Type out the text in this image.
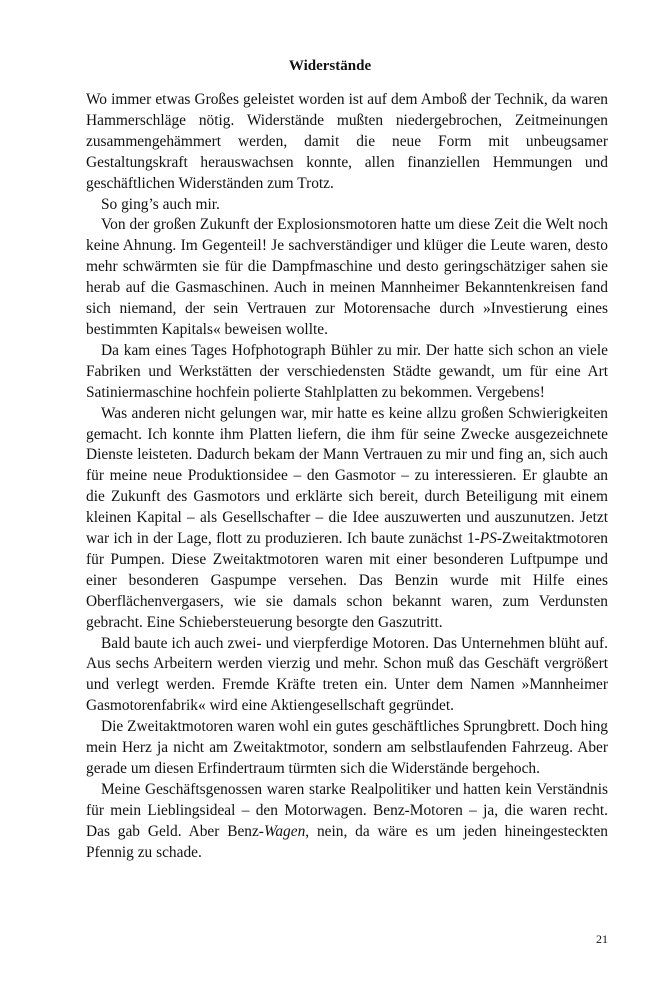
Widerstände

Wo immer etwas Großes geleistet worden ist auf dem Amboß der Technik, da waren Hammerschläge nötig. Widerstände mußten niedergebrochen, Zeitmeinungen zusammengehämmert werden, damit die neue Form mit unbeugsamer Gestaltungskraft herauswachsen konnte, allen finanziellen Hemmungen und geschäftlichen Widerständen zum Trotz.

So ging’s auch mir.

Von der großen Zukunft der Explosionsmotoren hatte um diese Zeit die Welt noch keine Ahnung. Im Gegenteil! Je sachverständiger und klüger die Leute waren, desto mehr schwärmten sie für die Dampfmaschine und desto geringschätziger sahen sie herab auf die Gasmaschinen. Auch in meinen Mannheimer Bekanntenkreisen fand sich niemand, der sein Vertrauen zur Motorensache durch »Investierung eines bestimmten Kapitals« beweisen wollte.

Da kam eines Tages Hofphotograph Bühler zu mir. Der hatte sich schon an viele Fabriken und Werkstätten der verschiedensten Städte gewandt, um für eine Art Satiniermaschine hochfein polierte Stahlplatten zu bekommen. Vergebens!

Was anderen nicht gelungen war, mir hatte es keine allzu großen Schwierigkeiten gemacht. Ich konnte ihm Platten liefern, die ihm für seine Zwecke ausgezeichnete Dienste leisteten. Dadurch bekam der Mann Vertrauen zu mir und fing an, sich auch für meine neue Produktionsidee – den Gasmotor – zu interessieren. Er glaubte an die Zukunft des Gasmotors und erklärte sich bereit, durch Beteiligung mit einem kleinen Kapital – als Gesellschafter – die Idee auszuwerten und auszunutzen. Jetzt war ich in der Lage, flott zu produzieren. Ich baute zunächst 1-PS-Zweitaktmotoren für Pumpen. Diese Zweitaktmotoren waren mit einer besonderen Luftpumpe und einer besonderen Gaspumpe versehen. Das Benzin wurde mit Hilfe eines Oberflächenvergasers, wie sie damals schon bekannt waren, zum Verdunsten gebracht. Eine Schiebersteuerung besorgte den Gaszutritt.

Bald baute ich auch zwei- und vierpferdige Motoren. Das Unternehmen blüht auf. Aus sechs Arbeitern werden vierzig und mehr. Schon muß das Geschäft vergrößert und verlegt werden. Fremde Kräfte treten ein. Unter dem Namen »Mannheimer Gasmotorenfabrik« wird eine Aktiengesellschaft gegründet.

Die Zweitaktmotoren waren wohl ein gutes geschäftliches Sprungbrett. Doch hing mein Herz ja nicht am Zweitaktmotor, sondern am selbstlaufenden Fahrzeug. Aber gerade um diesen Erfindertraum türmten sich die Widerstände bergehoch.

Meine Geschäftsgenossen waren starke Realpolitiker und hatten kein Verständnis für mein Lieblingsideal – den Motorwagen. Benz-Motoren – ja, die waren recht. Das gab Geld. Aber Benz-Wagen, nein, da wäre es um jeden hineingesteckten Pfennig zu schade.

21
